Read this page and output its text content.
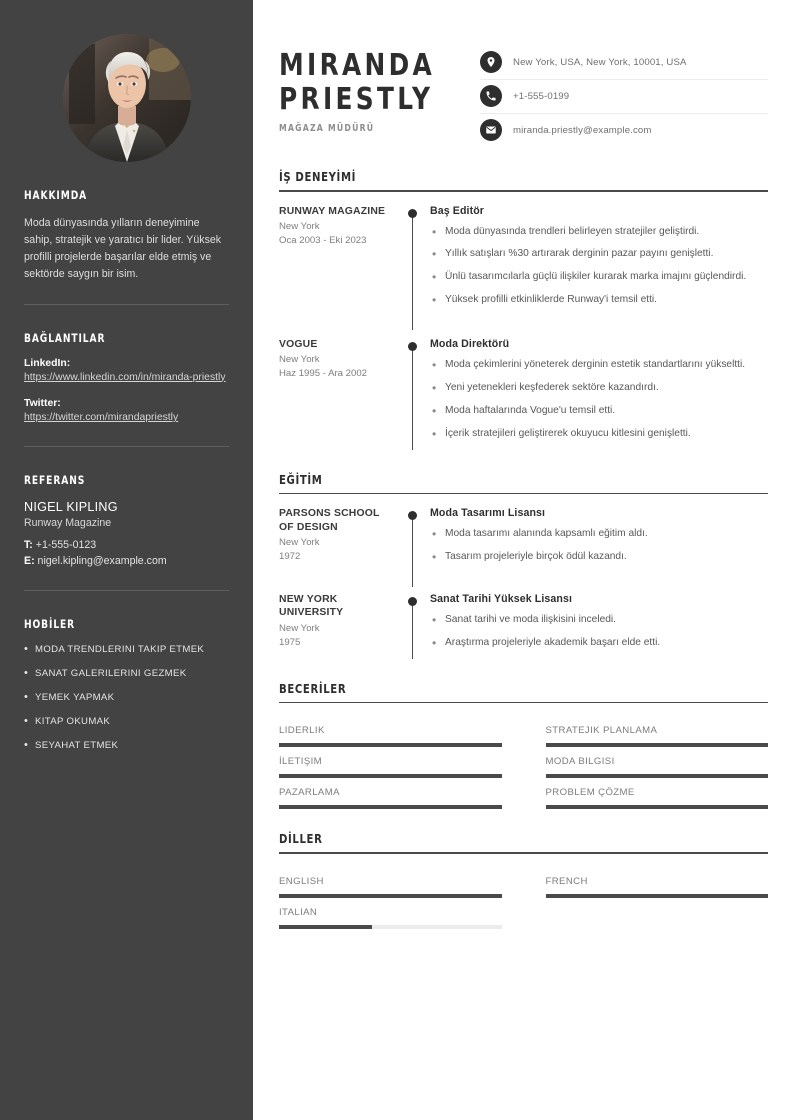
HAKKIMDA

Moda dünyasında yılların deneyimine sahip, stratejik ve yaratıcı bir lider. Yüksek profilli projelerde başarılar elde etmiş ve sektörde saygın bir isim.

BAĞLANTILAR
LinkedIn:
https://www.linkedin.com/in/miranda-priestly
Twitter:
https://twitter.com/mirandapriestly
REFERANS
NIGEL KIPLING
Runway Magazine
T: +1-555-0123
E: nigel.kipling@example.com
HOBİLER
• MODA TRENDLERINI TAKIP ETMEK
• SANAT GALERILERINI GEZMEK
• YEMEK YAPMAK
• KITAP OKUMAK
• SEYAHAT ETMEK
MIRANDA
PRIESTLY
MAĞAZA MÜDÜRÜ
New York, USA, New York, 10001, USA
+1-555-0199
miranda.priestly@example.com
İŞ DENEYİMİ
RUNWAY MAGAZINE
New York
Oca 2003 - Eki 2023
Baş Editör
• Moda dünyasında trendleri belirleyen stratejiler geliştirdi.
• Yıllık satışları %30 artırarak derginin pazar payını genişletti.
• Ünlü tasarımcılarla güçlü ilişkiler kurarak marka imajını güçlendirdi.
• Yüksek profilli etkinliklerde Runway'i temsil etti.
VOGUE
New York
Haz 1995 - Ara 2002
Moda Direktörü
• Moda çekimlerini yöneterek derginin estetik standartlarını yükseltti.
• Yeni yetenekleri keşfederek sektöre kazandırdı.
• Moda haftalarında Vogue'u temsil etti.
• İçerik stratejileri geliştirerek okuyucu kitlesini genişletti.
EĞİTİM
PARSONS SCHOOL OF DESIGN
New York
1972
Moda Tasarımı Lisansı
• Moda tasarımı alanında kapsamlı eğitim aldı.
• Tasarım projeleriyle birçok ödül kazandı.
NEW YORK UNIVERSITY
New York
1975
Sanat Tarihi Yüksek Lisansı
• Sanat tarihi ve moda ilişkisini inceledi.
• Araştırma projeleriyle akademik başarı elde etti.
BECERİLER
LIDERLIK	STRATEJIK PLANLAMA
İLETIŞIM	MODA BILGISI
PAZARLAMA	PROBLEM ÇÖZME
DİLLER
ENGLISH	FRENCH
ITALIAN
